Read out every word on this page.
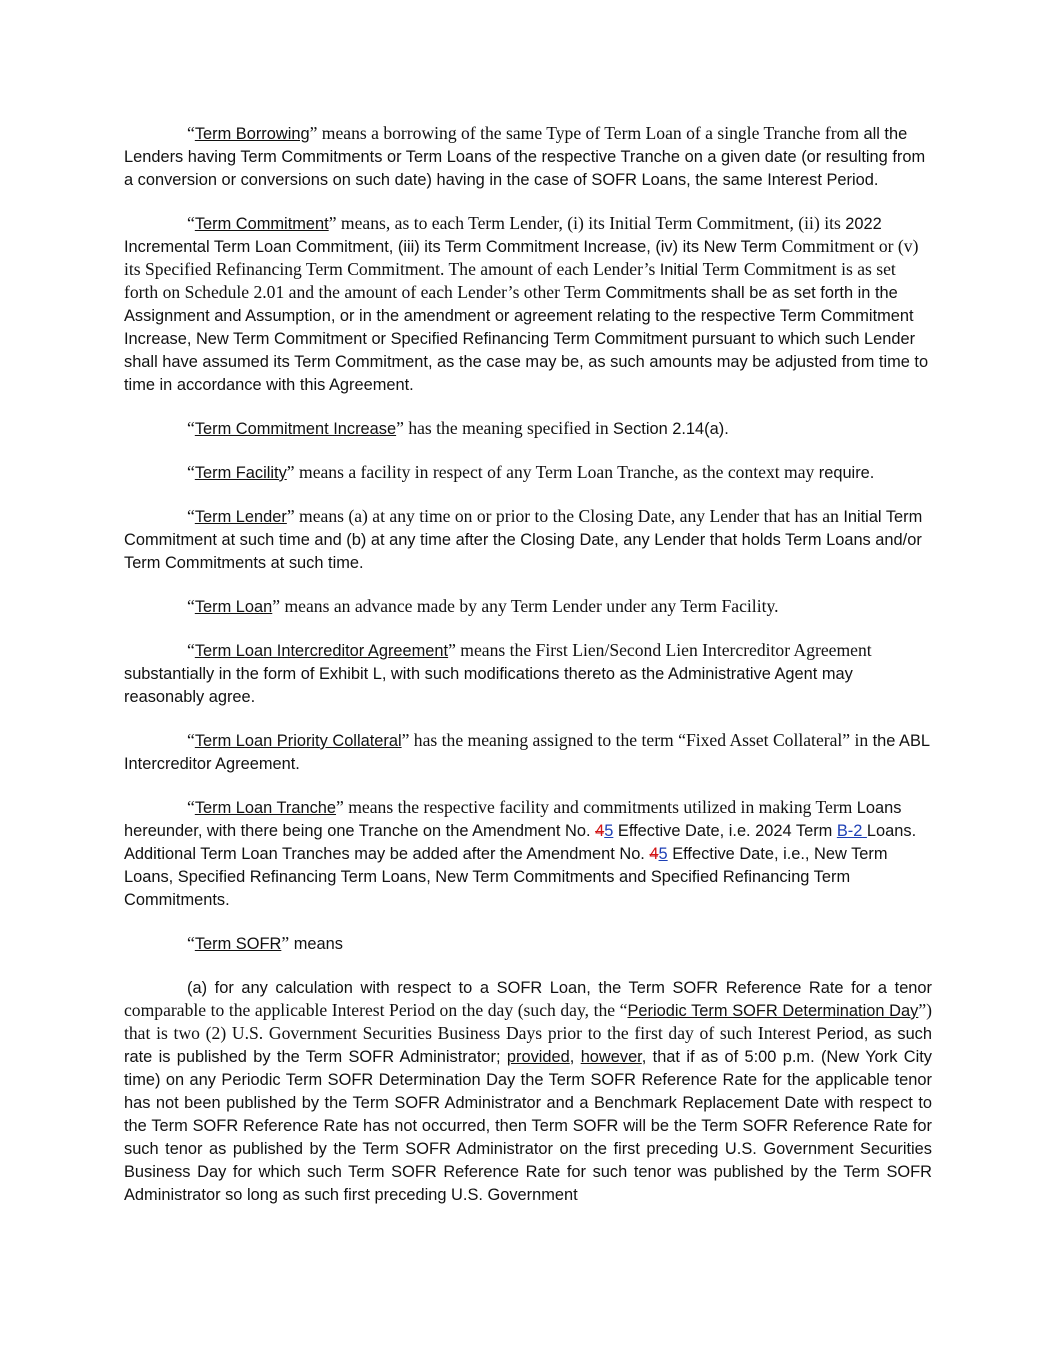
“Term Borrowing” means a borrowing of the same Type of Term Loan of a single Tranche from all the Lenders having Term Commitments or Term Loans of the respective Tranche on a given date (or resulting from a conversion or conversions on such date) having in the case of SOFR Loans, the same Interest Period.

“Term Commitment” means, as to each Term Lender, (i) its Initial Term Commitment, (ii) its 2022 Incremental Term Loan Commitment, (iii) its Term Commitment Increase, (iv) its New Term Commitment or (v) its Specified Refinancing Term Commitment. The amount of each Lender’s Initial Term Commitment is as set forth on Schedule 2.01 and the amount of each Lender’s other Term Commitments shall be as set forth in the Assignment and Assumption, or in the amendment or agreement relating to the respective Term Commitment Increase, New Term Commitment or Specified Refinancing Term Commitment pursuant to which such Lender shall have assumed its Term Commitment, as the case may be, as such amounts may be adjusted from time to time in accordance with this Agreement.

“Term Commitment Increase” has the meaning specified in Section 2.14(a).

“Term Facility” means a facility in respect of any Term Loan Tranche, as the context may require.

“Term Lender” means (a) at any time on or prior to the Closing Date, any Lender that has an Initial Term Commitment at such time and (b) at any time after the Closing Date, any Lender that holds Term Loans and/or Term Commitments at such time.

“Term Loan” means an advance made by any Term Lender under any Term Facility.

“Term Loan Intercreditor Agreement” means the First Lien/Second Lien Intercreditor Agreement substantially in the form of Exhibit L, with such modifications thereto as the Administrative Agent may reasonably agree.

“Term Loan Priority Collateral” has the meaning assigned to the term “Fixed Asset Collateral” in the ABL Intercreditor Agreement.

“Term Loan Tranche” means the respective facility and commitments utilized in making Term Loans hereunder, with there being one Tranche on the Amendment No. 45 Effective Date, i.e. 2024 Term B-2 Loans. Additional Term Loan Tranches may be added after the Amendment No. 45 Effective Date, i.e., New Term Loans, Specified Refinancing Term Loans, New Term Commitments and Specified Refinancing Term Commitments.

“Term SOFR” means

(a) for any calculation with respect to a SOFR Loan, the Term SOFR Reference Rate for a tenor comparable to the applicable Interest Period on the day (such day, the “Periodic Term SOFR Determination Day”) that is two (2) U.S. Government Securities Business Days prior to the first day of such Interest Period, as such rate is published by the Term SOFR Administrator; provided, however, that if as of 5:00 p.m. (New York City time) on any Periodic Term SOFR Determination Day the Term SOFR Reference Rate for the applicable tenor has not been published by the Term SOFR Administrator and a Benchmark Replacement Date with respect to the Term SOFR Reference Rate has not occurred, then Term SOFR will be the Term SOFR Reference Rate for such tenor as published by the Term SOFR Administrator on the first preceding U.S. Government Securities Business Day for which such Term SOFR Reference Rate for such tenor was published by the Term SOFR Administrator so long as such first preceding U.S. Government
